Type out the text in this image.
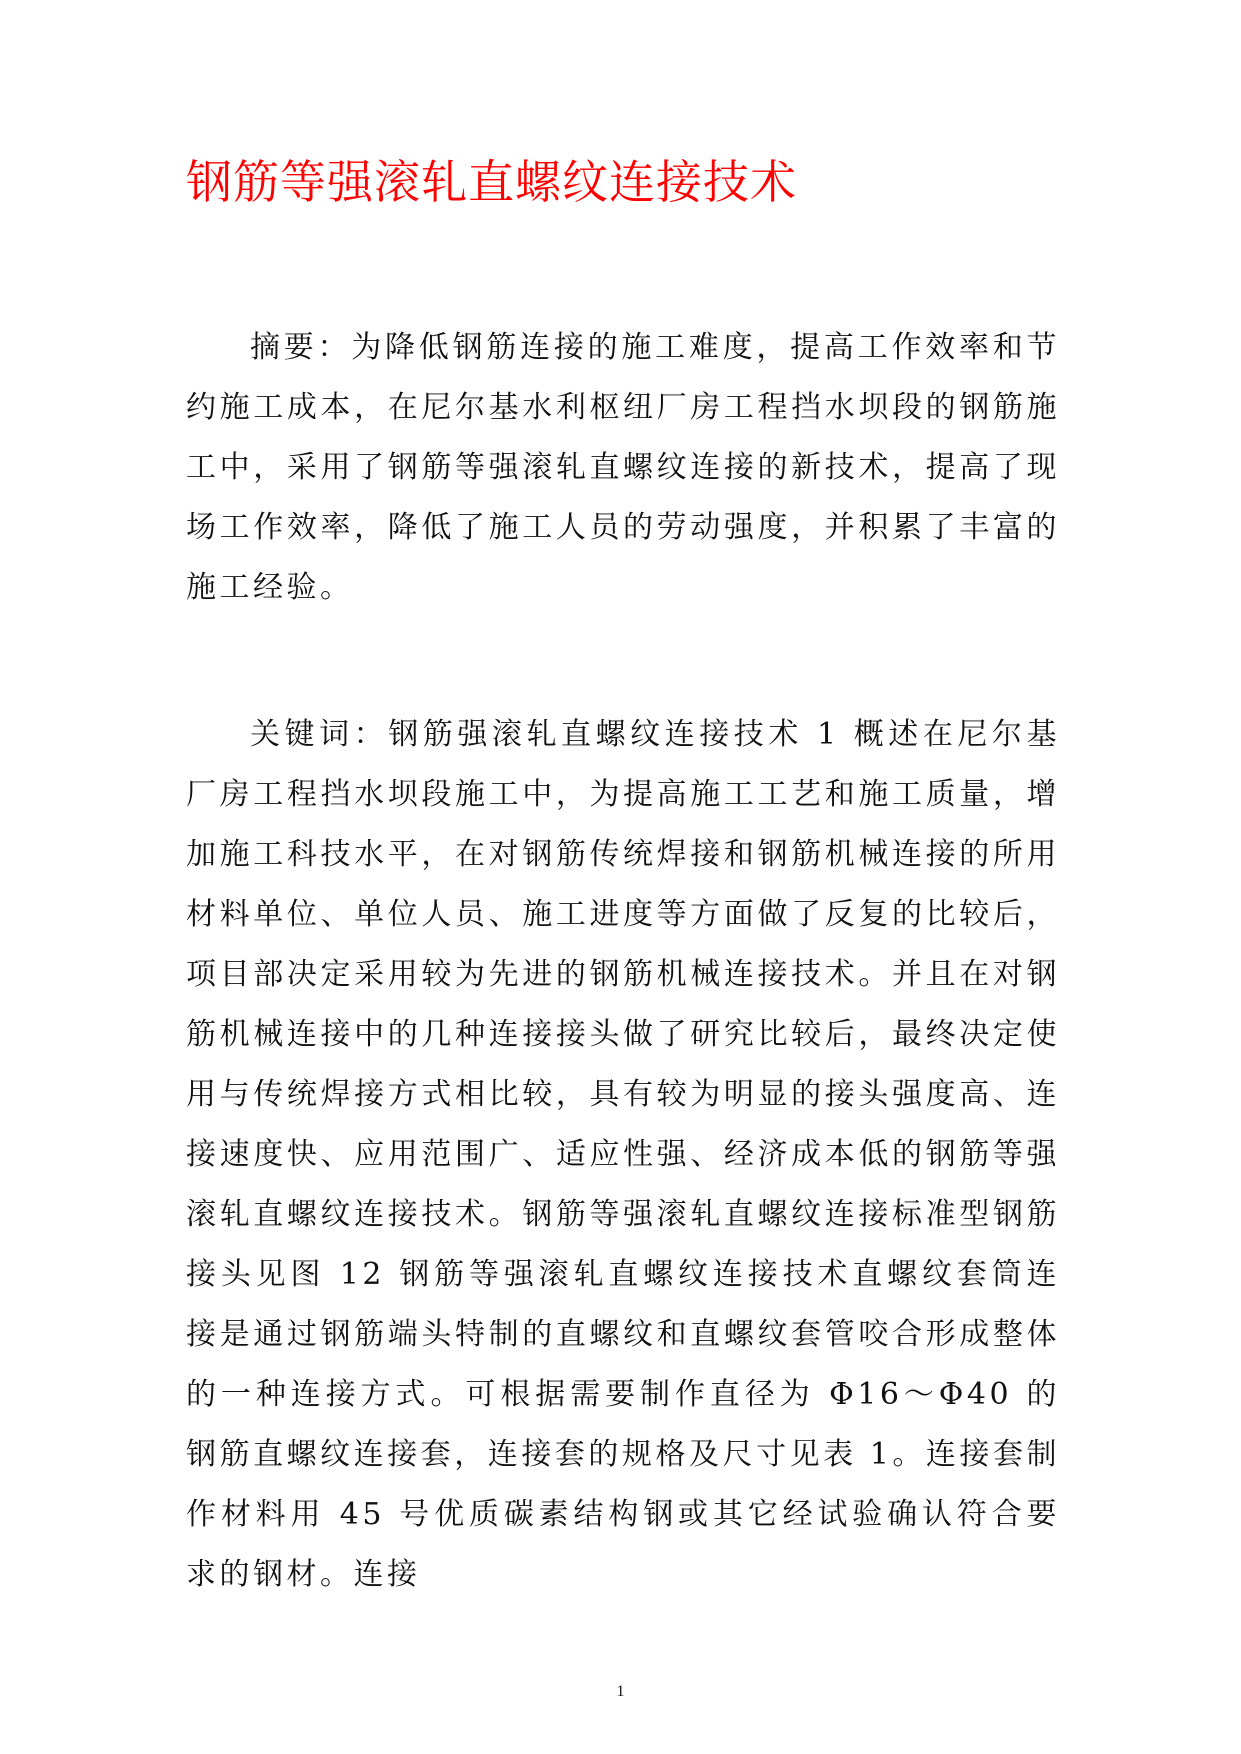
钢筋等强滚轧直螺纹连接技术

摘要：为降低钢筋连接的施工难度，提高工作效率和节约施工成本，在尼尔基水利枢纽厂房工程挡水坝段的钢筋施工中，采用了钢筋等强滚轧直螺纹连接的新技术，提高了现场工作效率，降低了施工人员的劳动强度，并积累了丰富的施工经验。

关键词：钢筋强滚轧直螺纹连接技术 1 概述在尼尔基厂房工程挡水坝段施工中，为提高施工工艺和施工质量，增加施工科技水平，在对钢筋传统焊接和钢筋机械连接的所用材料单位、单位人员、施工进度等方面做了反复的比较后，项目部决定采用较为先进的钢筋机械连接技术。并且在对钢筋机械连接中的几种连接接头做了研究比较后，最终决定使用与传统焊接方式相比较，具有较为明显的接头强度高、连接速度快、应用范围广、适应性强、经济成本低的钢筋等强滚轧直螺纹连接技术。钢筋等强滚轧直螺纹连接标准型钢筋接头见图 12 钢筋等强滚轧直螺纹连接技术直螺纹套筒连接是通过钢筋端头特制的直螺纹和直螺纹套管咬合形成整体的一种连接方式。可根据需要制作直径为 Φ16～Φ40 的钢筋直螺纹连接套，连接套的规格及尺寸见表 1。连接套制作材料用 45 号优质碳素结构钢或其它经试验确认符合要求的钢材。连接

1
